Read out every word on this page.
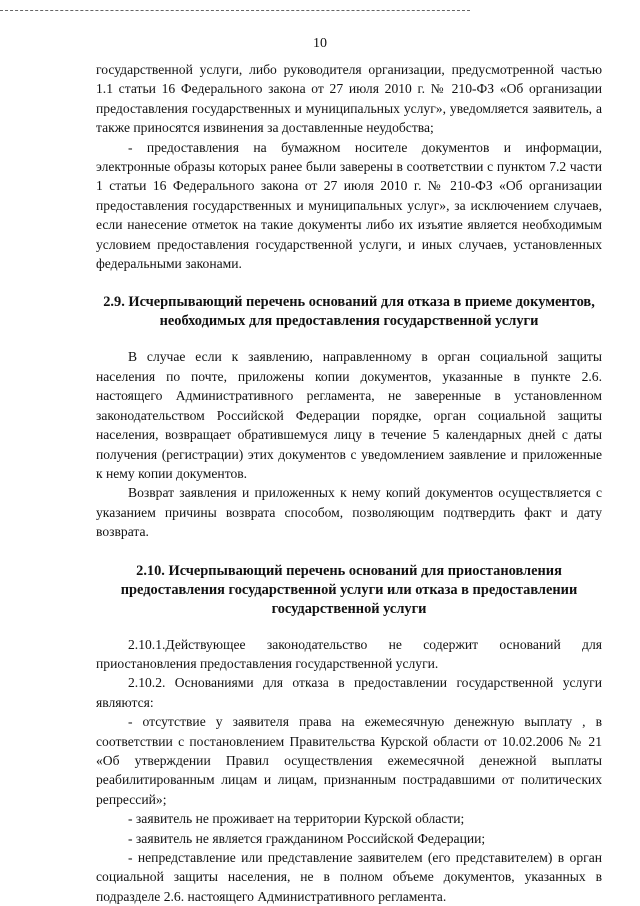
10

государственной услуги, либо руководителя организации, предусмотренной частью 1.1 статьи 16 Федерального закона от 27 июля 2010 г. № 210-ФЗ «Об организации предоставления государственных и муниципальных услуг», уведомляется заявитель, а также приносятся извинения за доставленные неудобства;

- предоставления на бумажном носителе документов и информации, электронные образы которых ранее были заверены в соответствии с пунктом 7.2 части 1 статьи 16 Федерального закона от 27 июля 2010 г. № 210-ФЗ «Об организации предоставления государственных и муниципальных услуг», за исключением случаев, если нанесение отметок на такие документы либо их изъятие является необходимым условием предоставления государственной услуги, и иных случаев, установленных федеральными законами.

2.9. Исчерпывающий перечень оснований для отказа в приеме документов, необходимых для предоставления государственной услуги

В случае если к заявлению, направленному в орган социальной защиты населения по почте, приложены копии документов, указанные в пункте 2.6. настоящего Административного регламента, не заверенные в установленном законодательством Российской Федерации порядке, орган социальной защиты населения, возвращает обратившемуся лицу в течение 5 календарных дней с даты получения (регистрации) этих документов с уведомлением заявление и приложенные к нему копии документов.

Возврат заявления и приложенных к нему копий документов осуществляется с указанием причины возврата способом, позволяющим подтвердить факт и дату возврата.

2.10. Исчерпывающий перечень оснований для приостановления предоставления государственной услуги или отказа в предоставлении государственной услуги

2.10.1.Действующее законодательство не содержит оснований для приостановления предоставления государственной услуги.

2.10.2. Основаниями для отказа в предоставлении государственной услуги являются:

- отсутствие у заявителя права на ежемесячную денежную выплату , в соответствии с постановлением Правительства Курской области от 10.02.2006 № 21 «Об утверждении Правил осуществления ежемесячной денежной выплаты реабилитированным лицам и лицам, признанным пострадавшими от политических репрессий»;

- заявитель не проживает на территории Курской области;

- заявитель не является гражданином Российской Федерации;

- непредставление или представление заявителем (его представителем) в орган социальной защиты населения, не в полном объеме документов, указанных в подразделе 2.6. настоящего Административного регламента.
